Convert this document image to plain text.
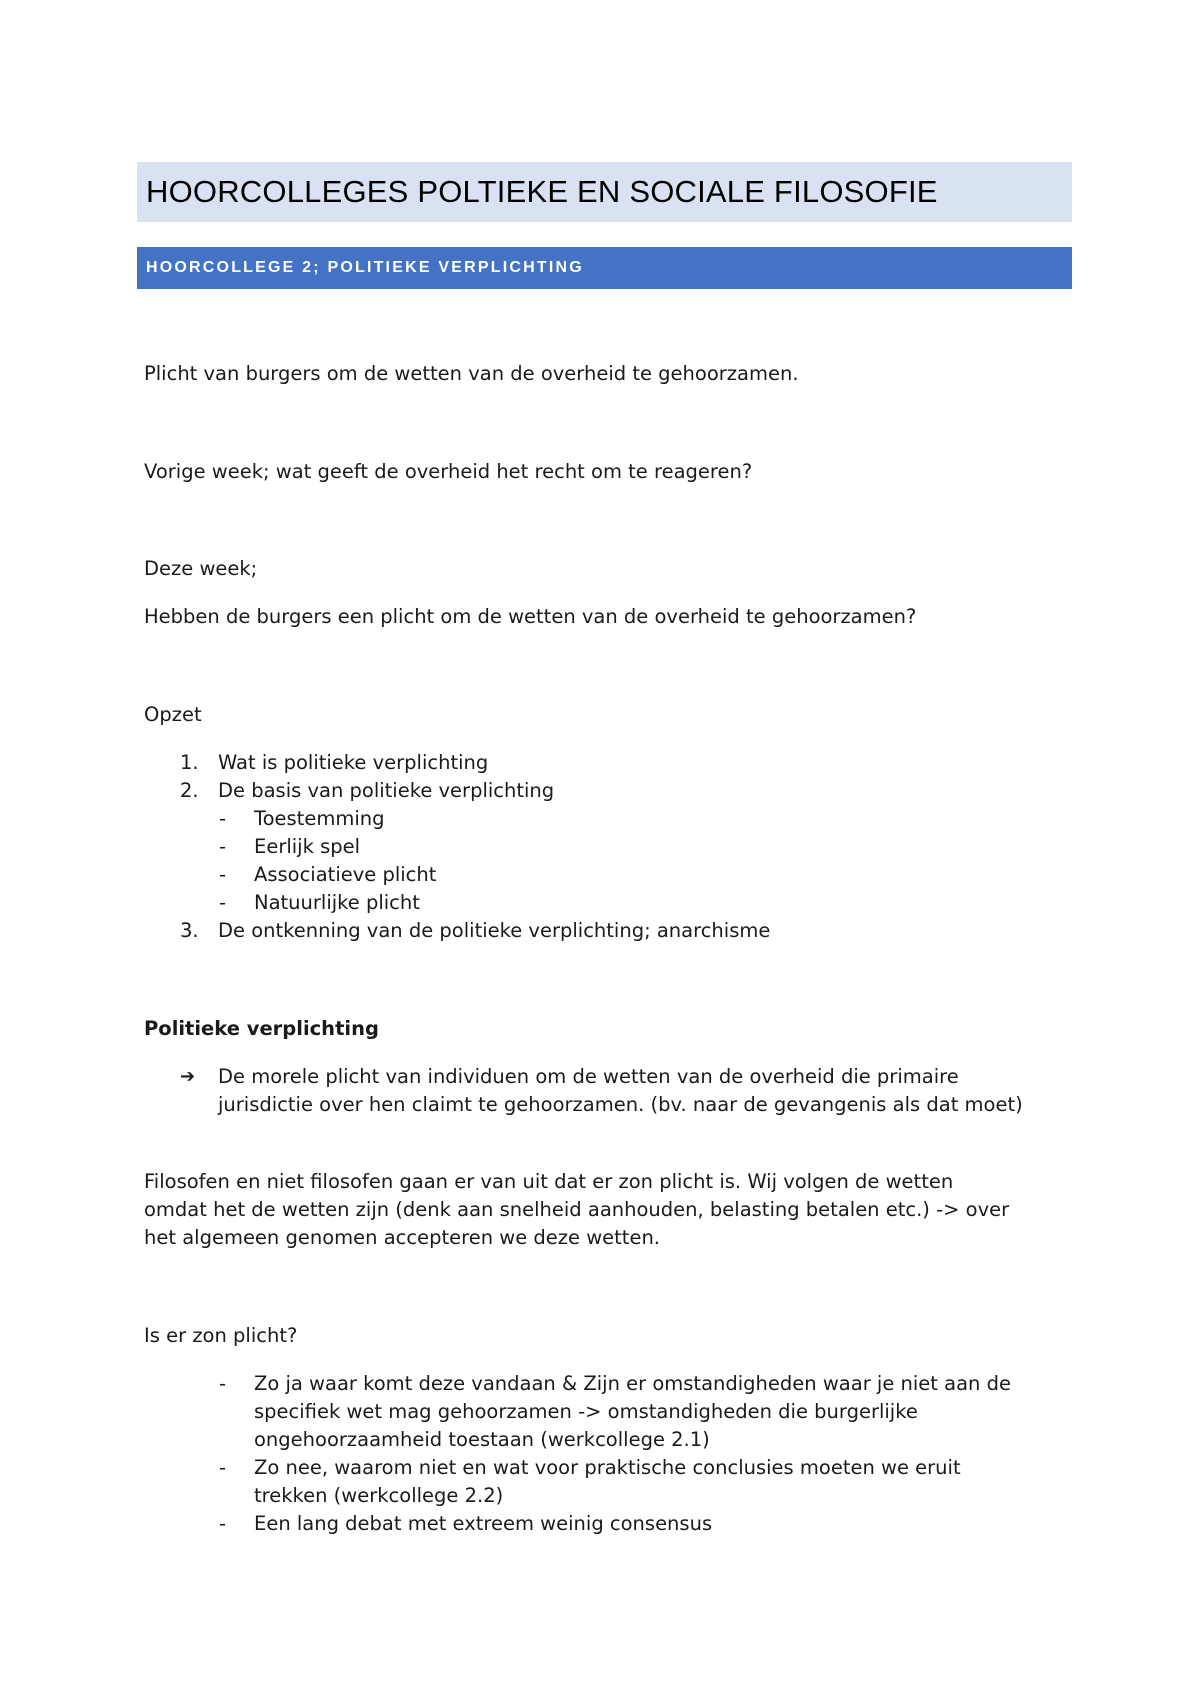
HOORCOLLEGES POLTIEKE EN SOCIALE FILOSOFIE
HOORCOLLEGE 2; POLITIEKE VERPLICHTING
Plicht van burgers om de wetten van de overheid te gehoorzamen.
Vorige week; wat geeft de overheid het recht om te reageren?
Deze week;
Hebben de burgers een plicht om de wetten van de overheid te gehoorzamen?
Opzet
1. Wat is politieke verplichting
2. De basis van politieke verplichting
- Toestemming
- Eerlijk spel
- Associatieve plicht
- Natuurlijke plicht
3. De ontkenning van de politieke verplichting; anarchisme
Politieke verplichting
➔ De morele plicht van individuen om de wetten van de overheid die primaire
jurisdictie over hen claimt te gehoorzamen. (bv. naar de gevangenis als dat moet)
Filosofen en niet filosofen gaan er van uit dat er zon plicht is. Wij volgen de wetten
omdat het de wetten zijn (denk aan snelheid aanhouden, belasting betalen etc.) -> over
het algemeen genomen accepteren we deze wetten.
Is er zon plicht?
- Zo ja waar komt deze vandaan & Zijn er omstandigheden waar je niet aan de
specifiek wet mag gehoorzamen -> omstandigheden die burgerlijke
ongehoorzaamheid toestaan (werkcollege 2.1)
- Zo nee, waarom niet en wat voor praktische conclusies moeten we eruit
trekken (werkcollege 2.2)
- Een lang debat met extreem weinig consensus
